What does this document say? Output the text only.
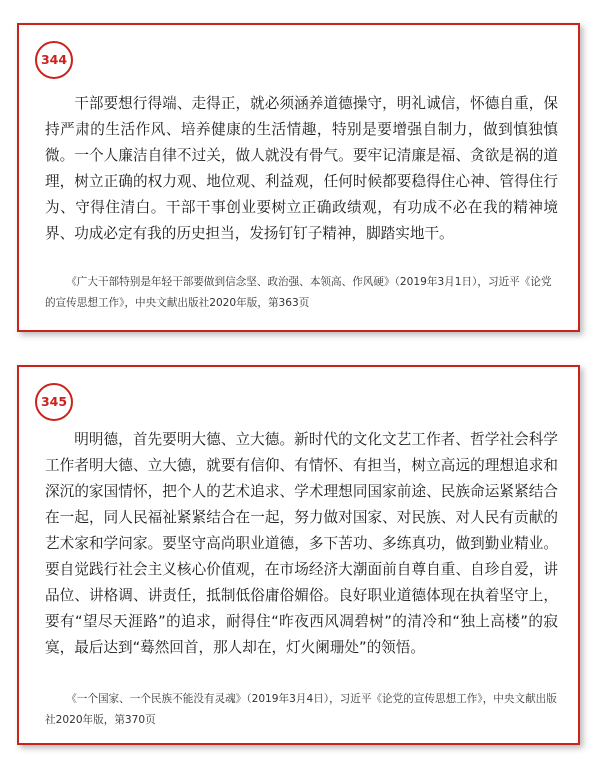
344

干部要想行得端、走得正，就必须涵养道德操守，明礼诚信，怀德自重，保持严肃的生活作风、培养健康的生活情趣，特别是要增强自制力，做到慎独慎微。一个人廉洁自律不过关，做人就没有骨气。要牢记清廉是福、贪欲是祸的道理，树立正确的权力观、地位观、利益观，任何时候都要稳得住心神、管得住行为、守得住清白。干部干事创业要树立正确政绩观，有功成不必在我的精神境界、功成必定有我的历史担当，发扬钉钉子精神，脚踏实地干。

《广大干部特别是年轻干部要做到信念坚、政治强、本领高、作风硬》（2019年3月1日），习近平《论党的宣传思想工作》，中央文献出版社2020年版，第363页

345

明明德，首先要明大德、立大德。新时代的文化文艺工作者、哲学社会科学工作者明大德、立大德，就要有信仰、有情怀、有担当，树立高远的理想追求和深沉的家国情怀，把个人的艺术追求、学术理想同国家前途、民族命运紧紧结合在一起，同人民福祉紧紧结合在一起，努力做对国家、对民族、对人民有贡献的艺术家和学问家。要坚守高尚职业道德，多下苦功、多练真功，做到勤业精业。要自觉践行社会主义核心价值观，在市场经济大潮面前自尊自重、自珍自爱，讲品位、讲格调、讲责任，抵制低俗庸俗媚俗。良好职业道德体现在执着坚守上，要有“望尽天涯路”的追求，耐得住“昨夜西风凋碧树”的清冷和“独上高楼”的寂寞，最后达到“蓦然回首，那人却在，灯火阑珊处”的领悟。

《一个国家、一个民族不能没有灵魂》（2019年3月4日），习近平《论党的宣传思想工作》，中央文献出版社2020年版，第370页
